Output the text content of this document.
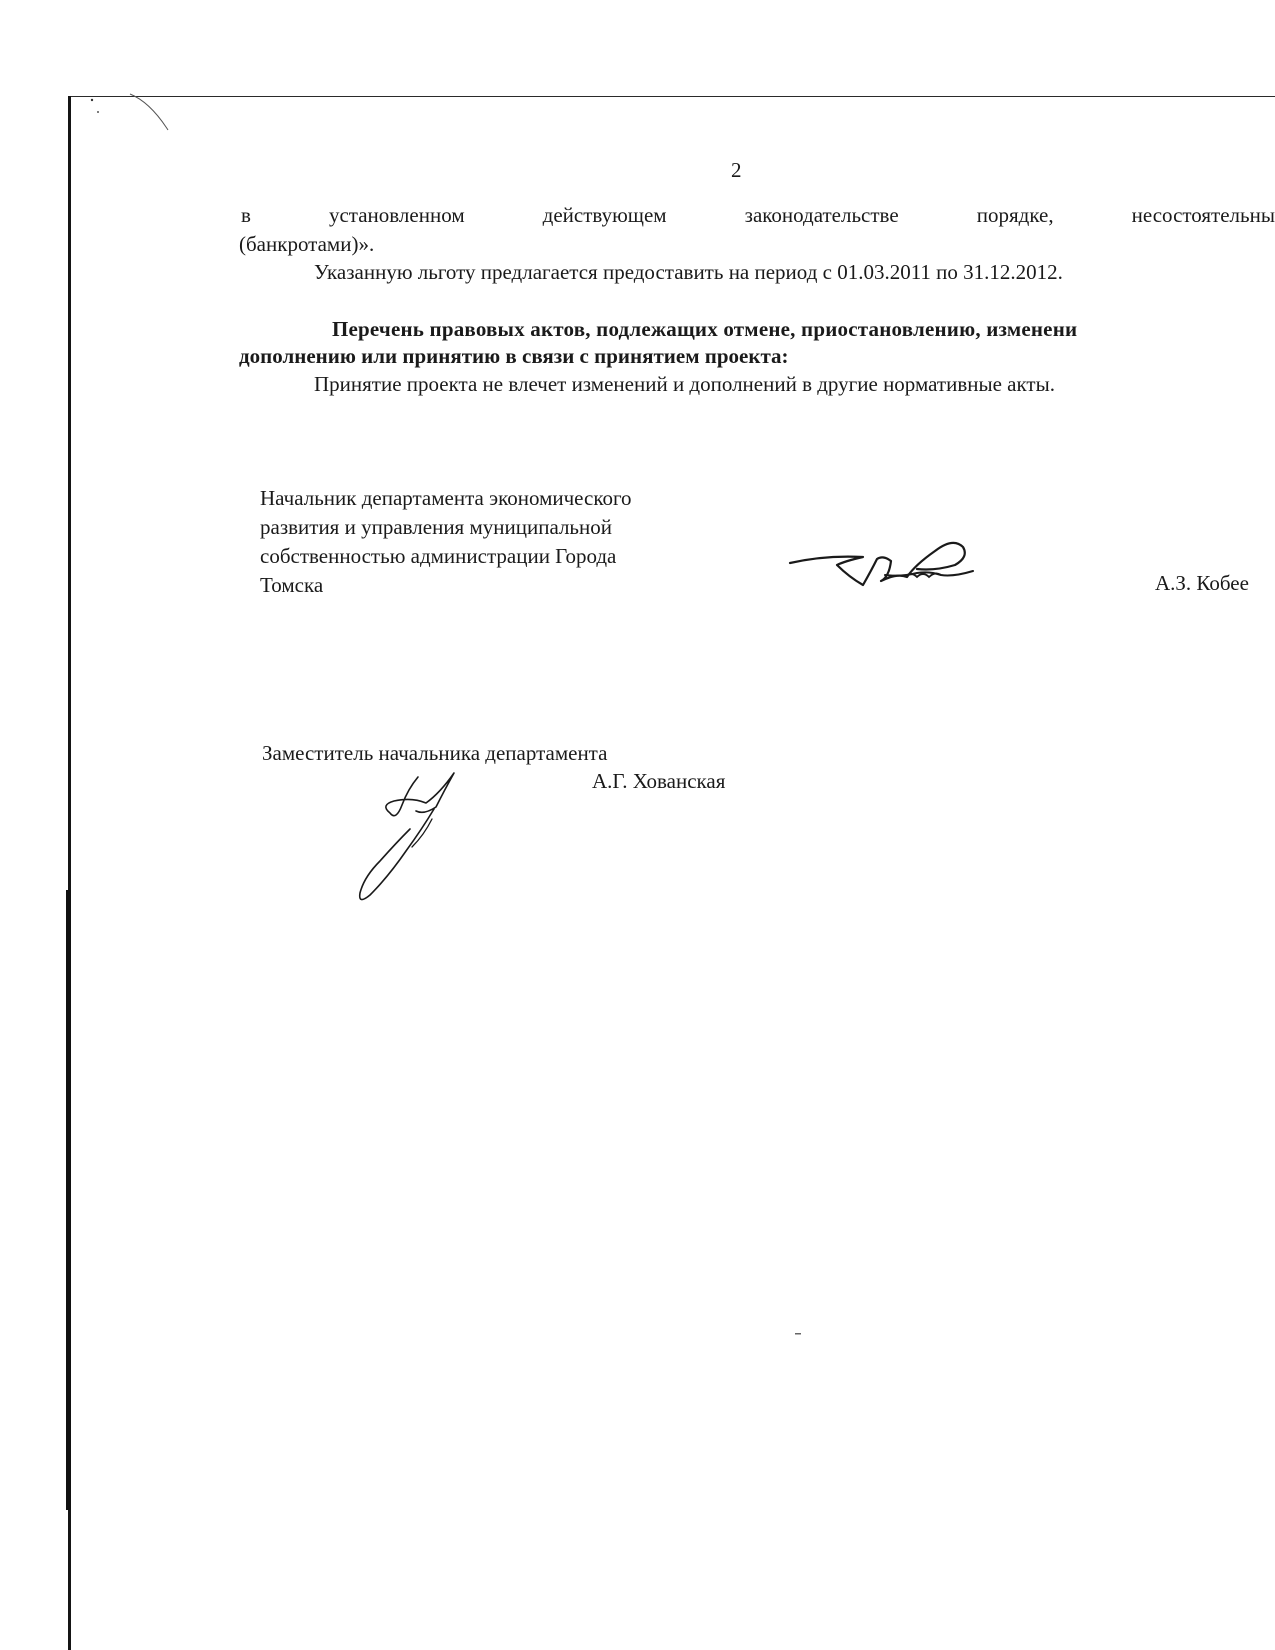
2
в	установленном	действующем	законодательстве	порядке,	несостоятельны
(банкротами)».
Указанную льготу предлагается предоставить на период с 01.03.2011 по 31.12.2012.
Перечень правовых актов, подлежащих отмене, приостановлению, изменени
дополнению или принятию в связи с принятием проекта:
Принятие проекта не влечет изменений и дополнений в другие нормативные акты.
Начальник департамента экономического
развития и управления муниципальной
собственностью администрации Города
Томска	А.З. Кобее
Заместитель начальника департамента
А.Г. Хованская
